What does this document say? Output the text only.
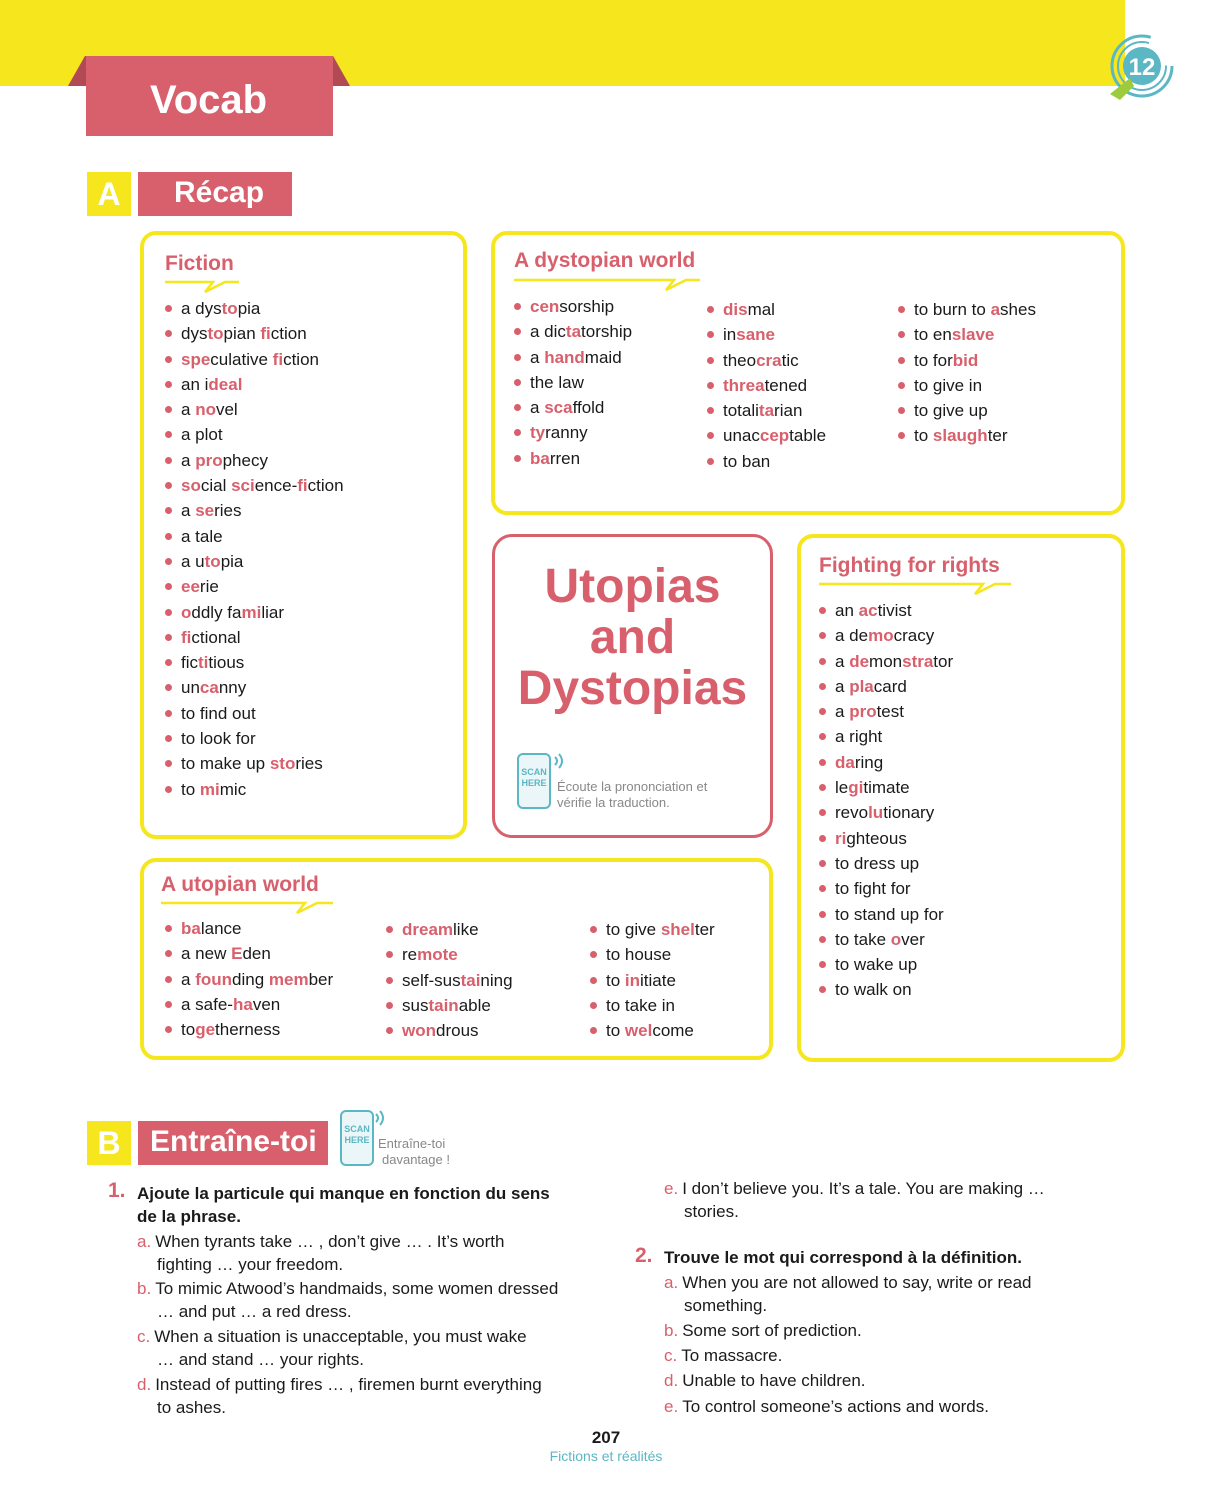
12
Vocab
A	Récap
Fiction
a dystopia
dystopian fiction
speculative fiction
an ideal
a novel
a plot
a prophecy
social science-fiction
a series
a tale
a utopia
eerie
oddly familiar
fictional
fictitious
uncanny
to find out
to look for
to make up stories
to mimic
A dystopian world
censorship
a dictatorship
a handmaid
the law
a scaffold
tyranny
barren
dismal
insane
theocratic
threatened
totalitarian
unacceptable
to ban
to burn to ashes
to enslave
to forbid
to give in
to give up
to slaughter
Utopias
and
Dystopias
SCAN HERE Écoute la prononciation et
vérifie la traduction.
Fighting for rights
an activist
a democracy
a demonstrator
a placard
a protest
a right
daring
legitimate
revolutionary
righteous
to dress up
to fight for
to stand up for
to take over
to wake up
to walk on
A utopian world
balance
a new Eden
a founding member
a safe-haven
togetherness
dreamlike
remote
self-sustaining
sustainable
wondrous
to give shelter
to house
to initiate
to take in
to welcome
B Entraîne-toi	SCAN HERE Entraîne-toi
davantage !
1. Ajoute la particule qui manque en fonction du sens
de la phrase.
a. When tyrants take … , don’t give … . It’s worth
fighting … your freedom.
b. To mimic Atwood’s handmaids, some women dressed
… and put … a red dress.
c. When a situation is unacceptable, you must wake
… and stand … your rights.
d. Instead of putting fires … , firemen burnt everything
to ashes.
e. I don’t believe you. It’s a tale. You are making …
stories.
2. Trouve le mot qui correspond à la définition.
a. When you are not allowed to say, write or read
something.
b. Some sort of prediction.
c. To massacre.
d. Unable to have children.
e. To control someone’s actions and words.
207
Fictions et réalités
